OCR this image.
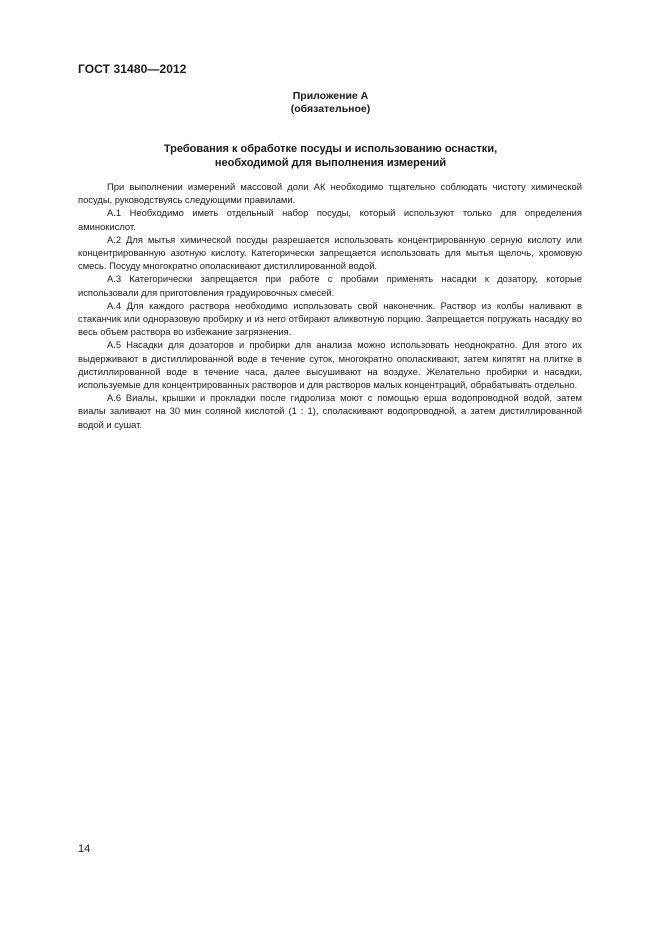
ГОСТ 31480—2012
Приложение А
(обязательное)
Требования к обработке посуды и использованию оснастки,
необходимой для выполнения измерений

При выполнении измерений массовой доли АК необходимо тщательно соблюдать чистоту химической посуды, руководствуясь следующими правилами.

А.1 Необходимо иметь отдельный набор посуды, который используют только для определения аминокислот.

А.2 Для мытья химической посуды разрешается использовать концентрированную серную кислоту или концентрированную азотную кислоту. Категорически запрещается использовать для мытья щелочь, хромовую смесь. Посуду многократно ополаскивают дистиллированной водой.

А.3 Категорически запрещается при работе с пробами применять насадки к дозатору, которые использовали для приготовления градуировочных смесей.

А.4 Для каждого раствора необходимо использовать свой наконечник. Раствор из колбы наливают в стаканчик или одноразовую пробирку и из него отбирают аликвотную порцию. Запрещается погружать насадку во весь объем раствора во избежание загрязнения.

А.5 Насадки для дозаторов и пробирки для анализа можно использовать неоднократно. Для этого их выдерживают в дистиллированной воде в течение суток, многократно ополаскивают, затем кипятят на плитке в дистиллированной воде в течение часа, далее высушивают на воздухе. Желательно пробирки и насадки, используемые для концентрированных растворов и для растворов малых концентраций, обрабатывать отдельно.

А.6 Виалы, крышки и прокладки после гидролиза моют с помощью ерша водопроводной водой, затем виалы заливают на 30 мин соляной кислотой (1 : 1), споласкивают водопроводной, а затем дистиллированной водой и сушат.

14
